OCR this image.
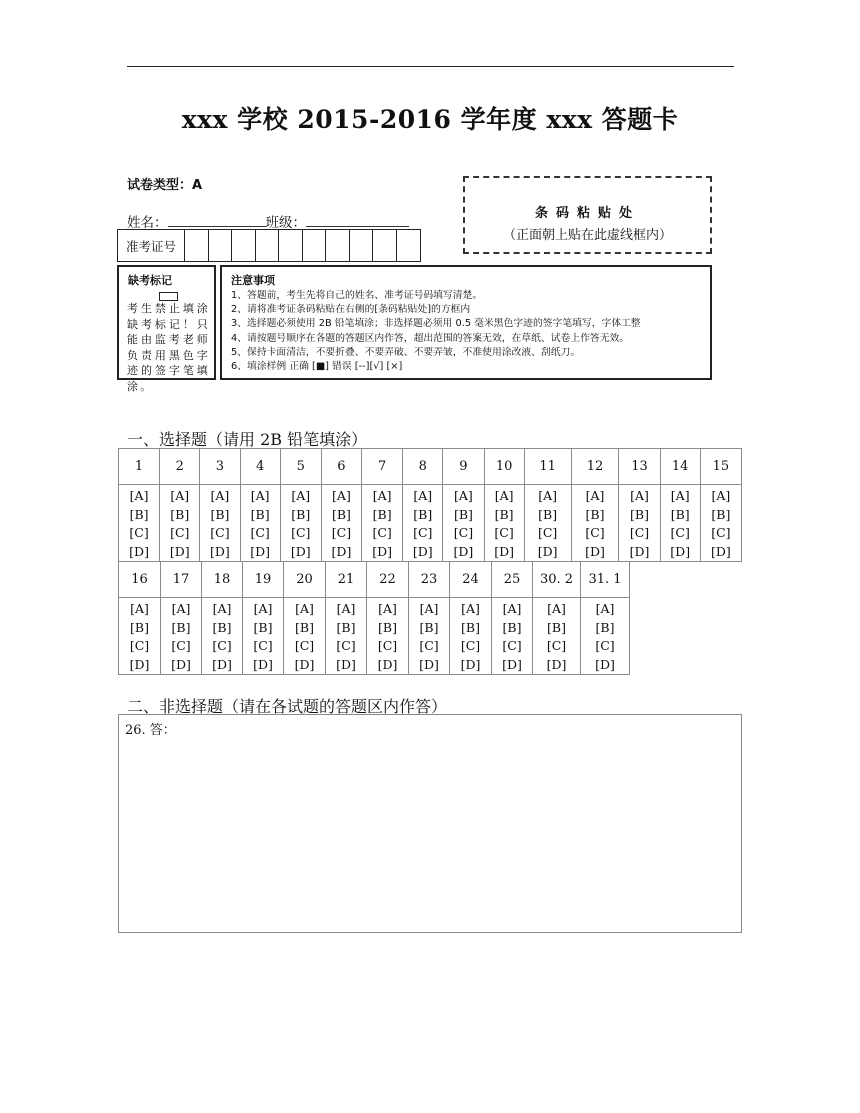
xxx 学校 2015-2016 学年度 xxx 答题卡
试卷类型：A
姓名：	班级：
准考证号
条码粘贴处
（正面朝上贴在此虚线框内）
缺考标记
考生禁止填涂缺考标记！只能由监考老师负责用黑色字迹的签字笔填涂。
注意事项
1、答题前，考生先将自己的姓名、准考证号码填写清楚。
2、请将准考证条码粘贴在右侧的[条码粘贴处]的方框内
3、选择题必须使用 2B 铅笔填涂；非选择题必须用 0.5 毫米黑色字迹的签字笔填写，字体工整
4、请按题号顺序在各题的答题区内作答，超出范围的答案无效，在草纸、试卷上作答无效。
5、保持卡面清洁，不要折叠、不要弄破、不要弄皱，不准使用涂改液、刮纸刀。
6、填涂样例 正确 [■] 错误 [--][√] [×]
一、选择题（请用 2B 铅笔填涂）
1	2	3	4	5	6	7	8	9	10	11	12	13	14	15

[A]
[B]
[C]
[D]	[A]
[B]
[C]
[D]	[A]
[B]
[C]
[D]	[A]
[B]
[C]
[D]	[A]
[B]
[C]
[D]	[A]
[B]
[C]
[D]	[A]
[B]
[C]
[D]	[A]
[B]
[C]
[D]	[A]
[B]
[C]
[D]	[A]
[B]
[C]
[D]	[A]
[B]
[C]
[D]	[A]
[B]
[C]
[D]	[A]
[B]
[C]
[D]	[A]
[B]
[C]
[D]	[A]
[B]
[C]
[D]
16	17	18	19	20	21	22	23	24	25	30. 2	31. 1

[A]
[B]
[C]
[D]	[A]
[B]
[C]
[D]	[A]
[B]
[C]
[D]	[A]
[B]
[C]
[D]	[A]
[B]
[C]
[D]	[A]
[B]
[C]
[D]	[A]
[B]
[C]
[D]	[A]
[B]
[C]
[D]	[A]
[B]
[C]
[D]	[A]
[B]
[C]
[D]	[A]
[B]
[C]
[D]	[A]
[B]
[C]
[D]
二、非选择题（请在各试题的答题区内作答）
26. 答：
